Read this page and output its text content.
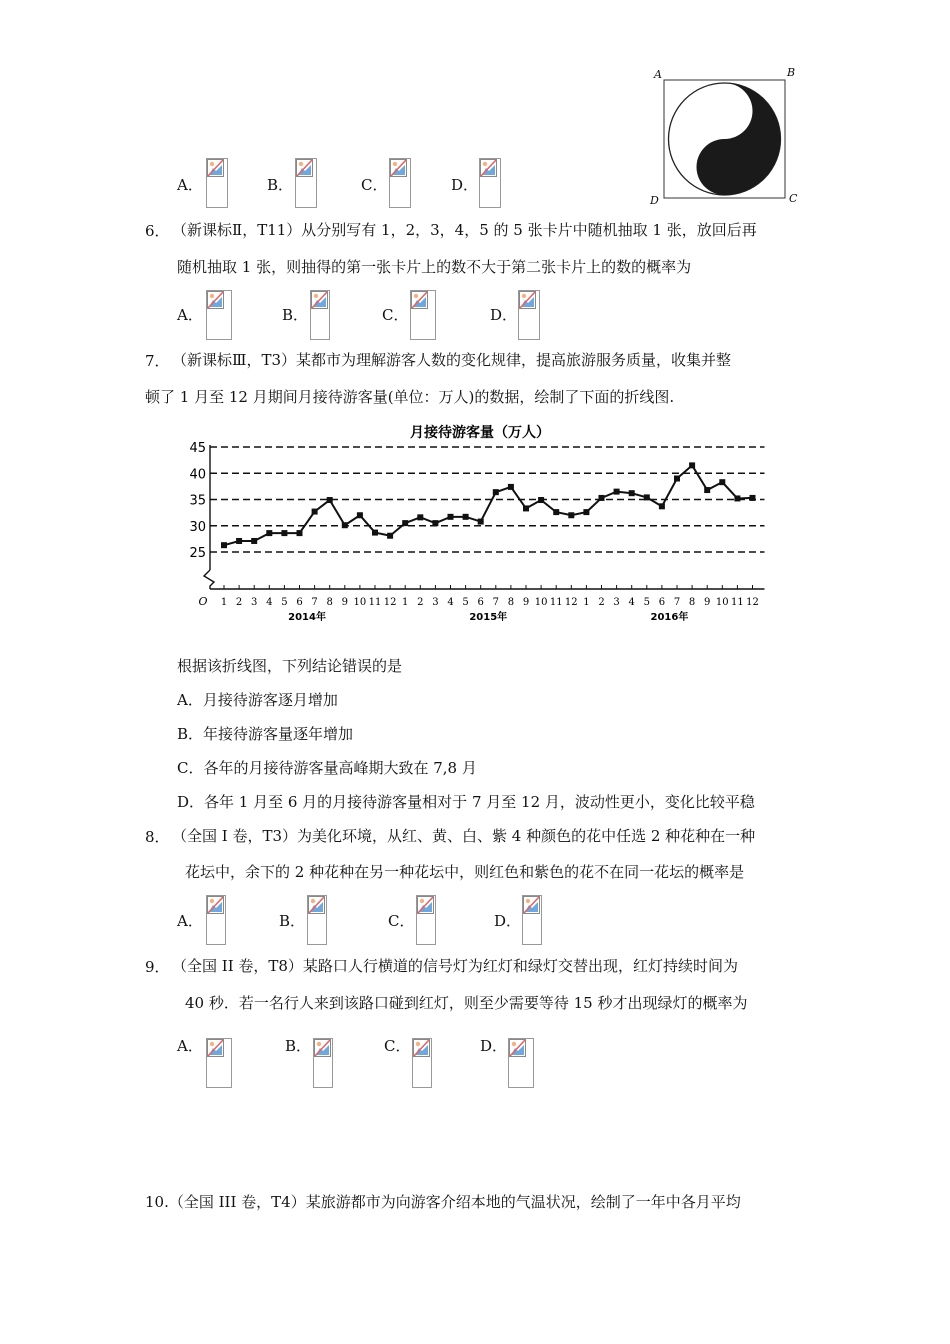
A	B
C
D
A．	B．	C．	D．
6． （新课标Ⅱ，T11）从分别写有 1，2，3，4，5 的 5 张卡片中随机抽取 1 张，放回后再
随机抽取 1 张，则抽得的第一张卡片上的数不大于第二张卡片上的数的概率为
A．	B．	C．	D．
7． （新课标Ⅲ，T3）某都市为理解游客人数的变化规律，提高旅游服务质量，收集并整
顿了 1 月至 12 月期间月接待游客量(单位：万人)的数据，绘制了下面的折线图.
月接待游客量（万人）
25
30
35
40
45
O 1 2 3 4 5 6 7 8 9 10 11 12 1 2 3 4 5 6 7 8 9 10 11 12 1 2 3 4 5 6 7 8 9 10 11 12
2014年	2015年	2016年
根据该折线图，下列结论错误的是
A．月接待游客逐月增加
B．年接待游客量逐年增加
C．各年的月接待游客量高峰期大致在 7,8 月
D．各年 1 月至 6 月的月接待游客量相对于 7 月至 12 月，波动性更小，变化比较平稳
8． （全国 I 卷，T3）为美化环境，从红、黄、白、紫 4 种颜色的花中任选 2 种花种在一种
花坛中，余下的 2 种花种在另一种花坛中，则红色和紫色的花不在同一花坛的概率是
A．	B．	C．	D．
9． （全国 II 卷，T8）某路口人行横道的信号灯为红灯和绿灯交替出现，红灯持续时间为
40 秒．若一名行人来到该路口碰到红灯，则至少需要等待 15 秒才出现绿灯的概率为
A．	B．	C．	D．
10.（全国 III 卷，T4）某旅游都市为向游客介绍本地的气温状况，绘制了一年中各月平均
